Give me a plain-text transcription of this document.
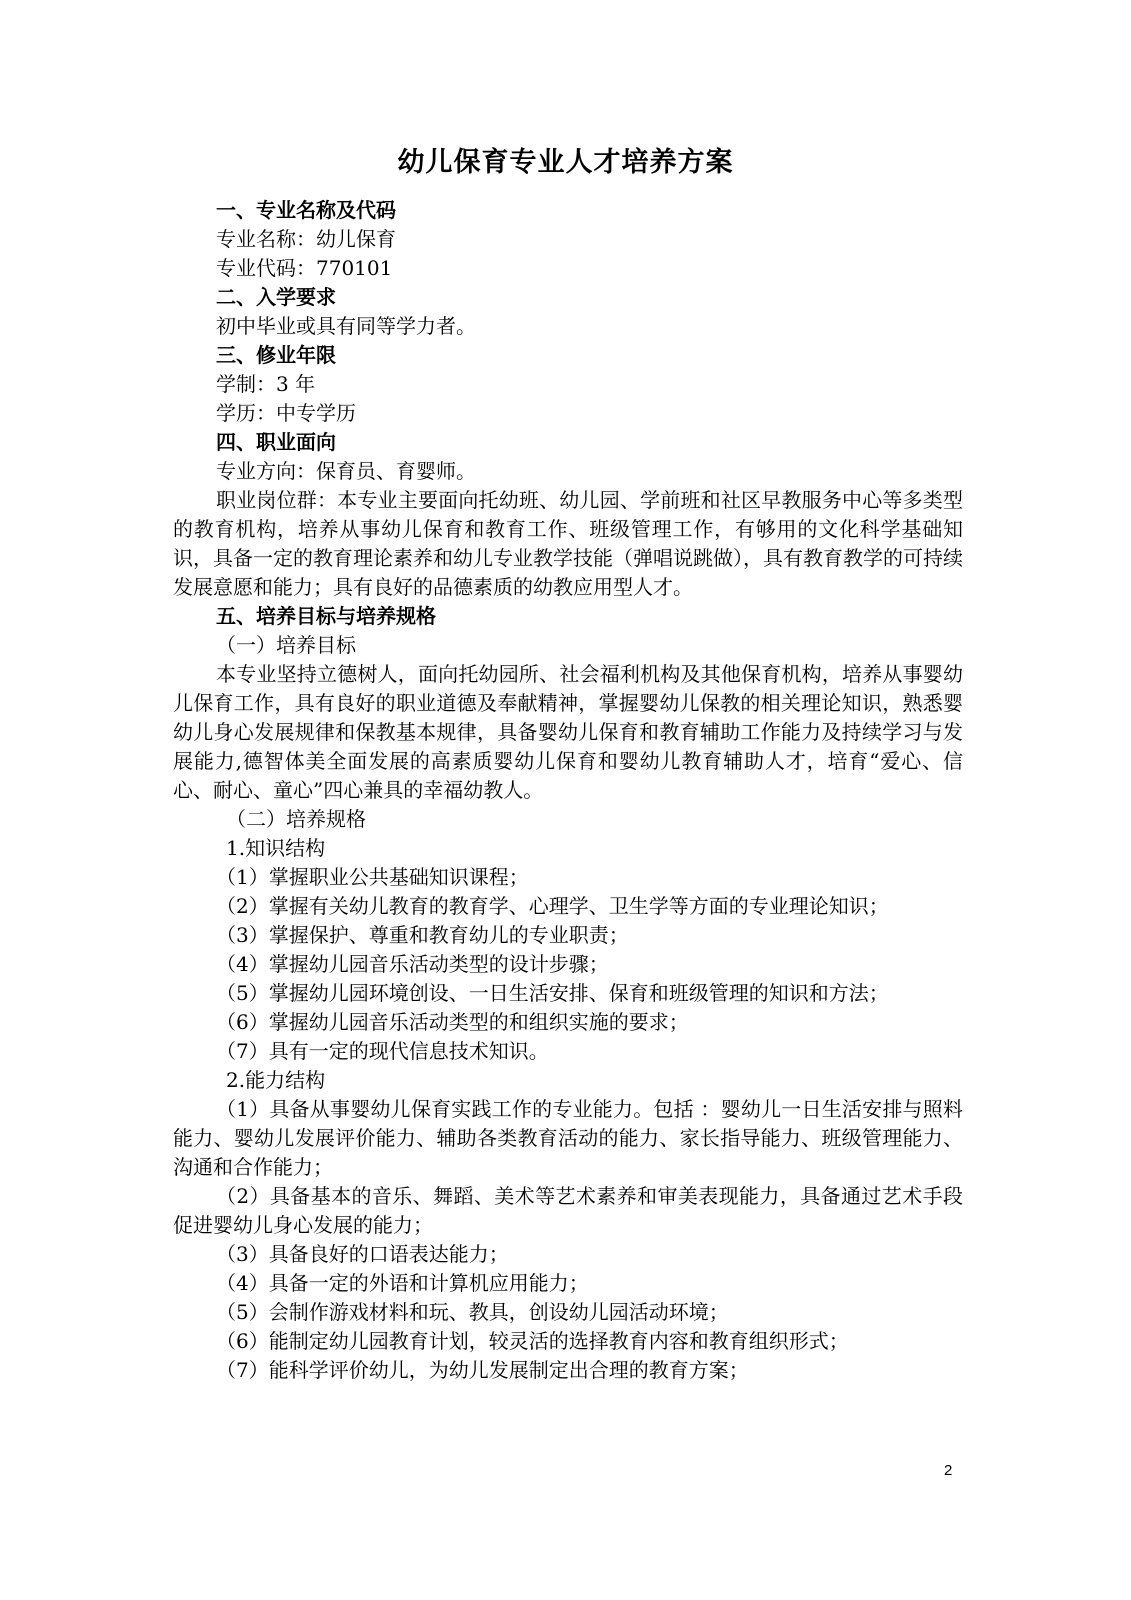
幼儿保育专业人才培养方案

一、专业名称及代码

专业名称：幼儿保育

专业代码：770101

二、入学要求

初中毕业或具有同等学力者。

三、修业年限

学制：3 年

学历：中专学历

四、职业面向

专业方向：保育员、育婴师。

职业岗位群：本专业主要面向托幼班、幼儿园、学前班和社区早教服务中心等多类型的教育机构，培养从事幼儿保育和教育工作、班级管理工作，有够用的文化科学基础知识，具备一定的教育理论素养和幼儿专业教学技能（弹唱说跳做），具有教育教学的可持续发展意愿和能力；具有良好的品德素质的幼教应用型人才。

五、培养目标与培养规格

（一）培养目标

本专业坚持立德树人，面向托幼园所、社会福利机构及其他保育机构，培养从事婴幼儿保育工作，具有良好的职业道德及奉献精神，掌握婴幼儿保教的相关理论知识，熟悉婴幼儿身心发展规律和保教基本规律，具备婴幼儿保育和教育辅助工作能力及持续学习与发展能力,德智体美全面发展的高素质婴幼儿保育和婴幼儿教育辅助人才，培育“爱心、信心、耐心、童心”四心兼具的幸福幼教人。

（二）培养规格

1.知识结构

（1）掌握职业公共基础知识课程；

（2）掌握有关幼儿教育的教育学、心理学、卫生学等方面的专业理论知识；

（3）掌握保护、尊重和教育幼儿的专业职责；

（4）掌握幼儿园音乐活动类型的设计步骤；

（5）掌握幼儿园环境创设、一日生活安排、保育和班级管理的知识和方法；

（6）掌握幼儿园音乐活动类型的和组织实施的要求；

（7）具有一定的现代信息技术知识。

2.能力结构

（1）具备从事婴幼儿保育实践工作的专业能力。包括 ：婴幼儿一日生活安排与照料能力、婴幼儿发展评价能力、辅助各类教育活动的能力、家长指导能力、班级管理能力、沟通和合作能力；

（2）具备基本的音乐、舞蹈、美术等艺术素养和审美表现能力，具备通过艺术手段促进婴幼儿身心发展的能力；

（3）具备良好的口语表达能力；

（4）具备一定的外语和计算机应用能力；

（5）会制作游戏材料和玩、教具，创设幼儿园活动环境；

（6）能制定幼儿园教育计划，较灵活的选择教育内容和教育组织形式；

（7）能科学评价幼儿，为幼儿发展制定出合理的教育方案；

2
